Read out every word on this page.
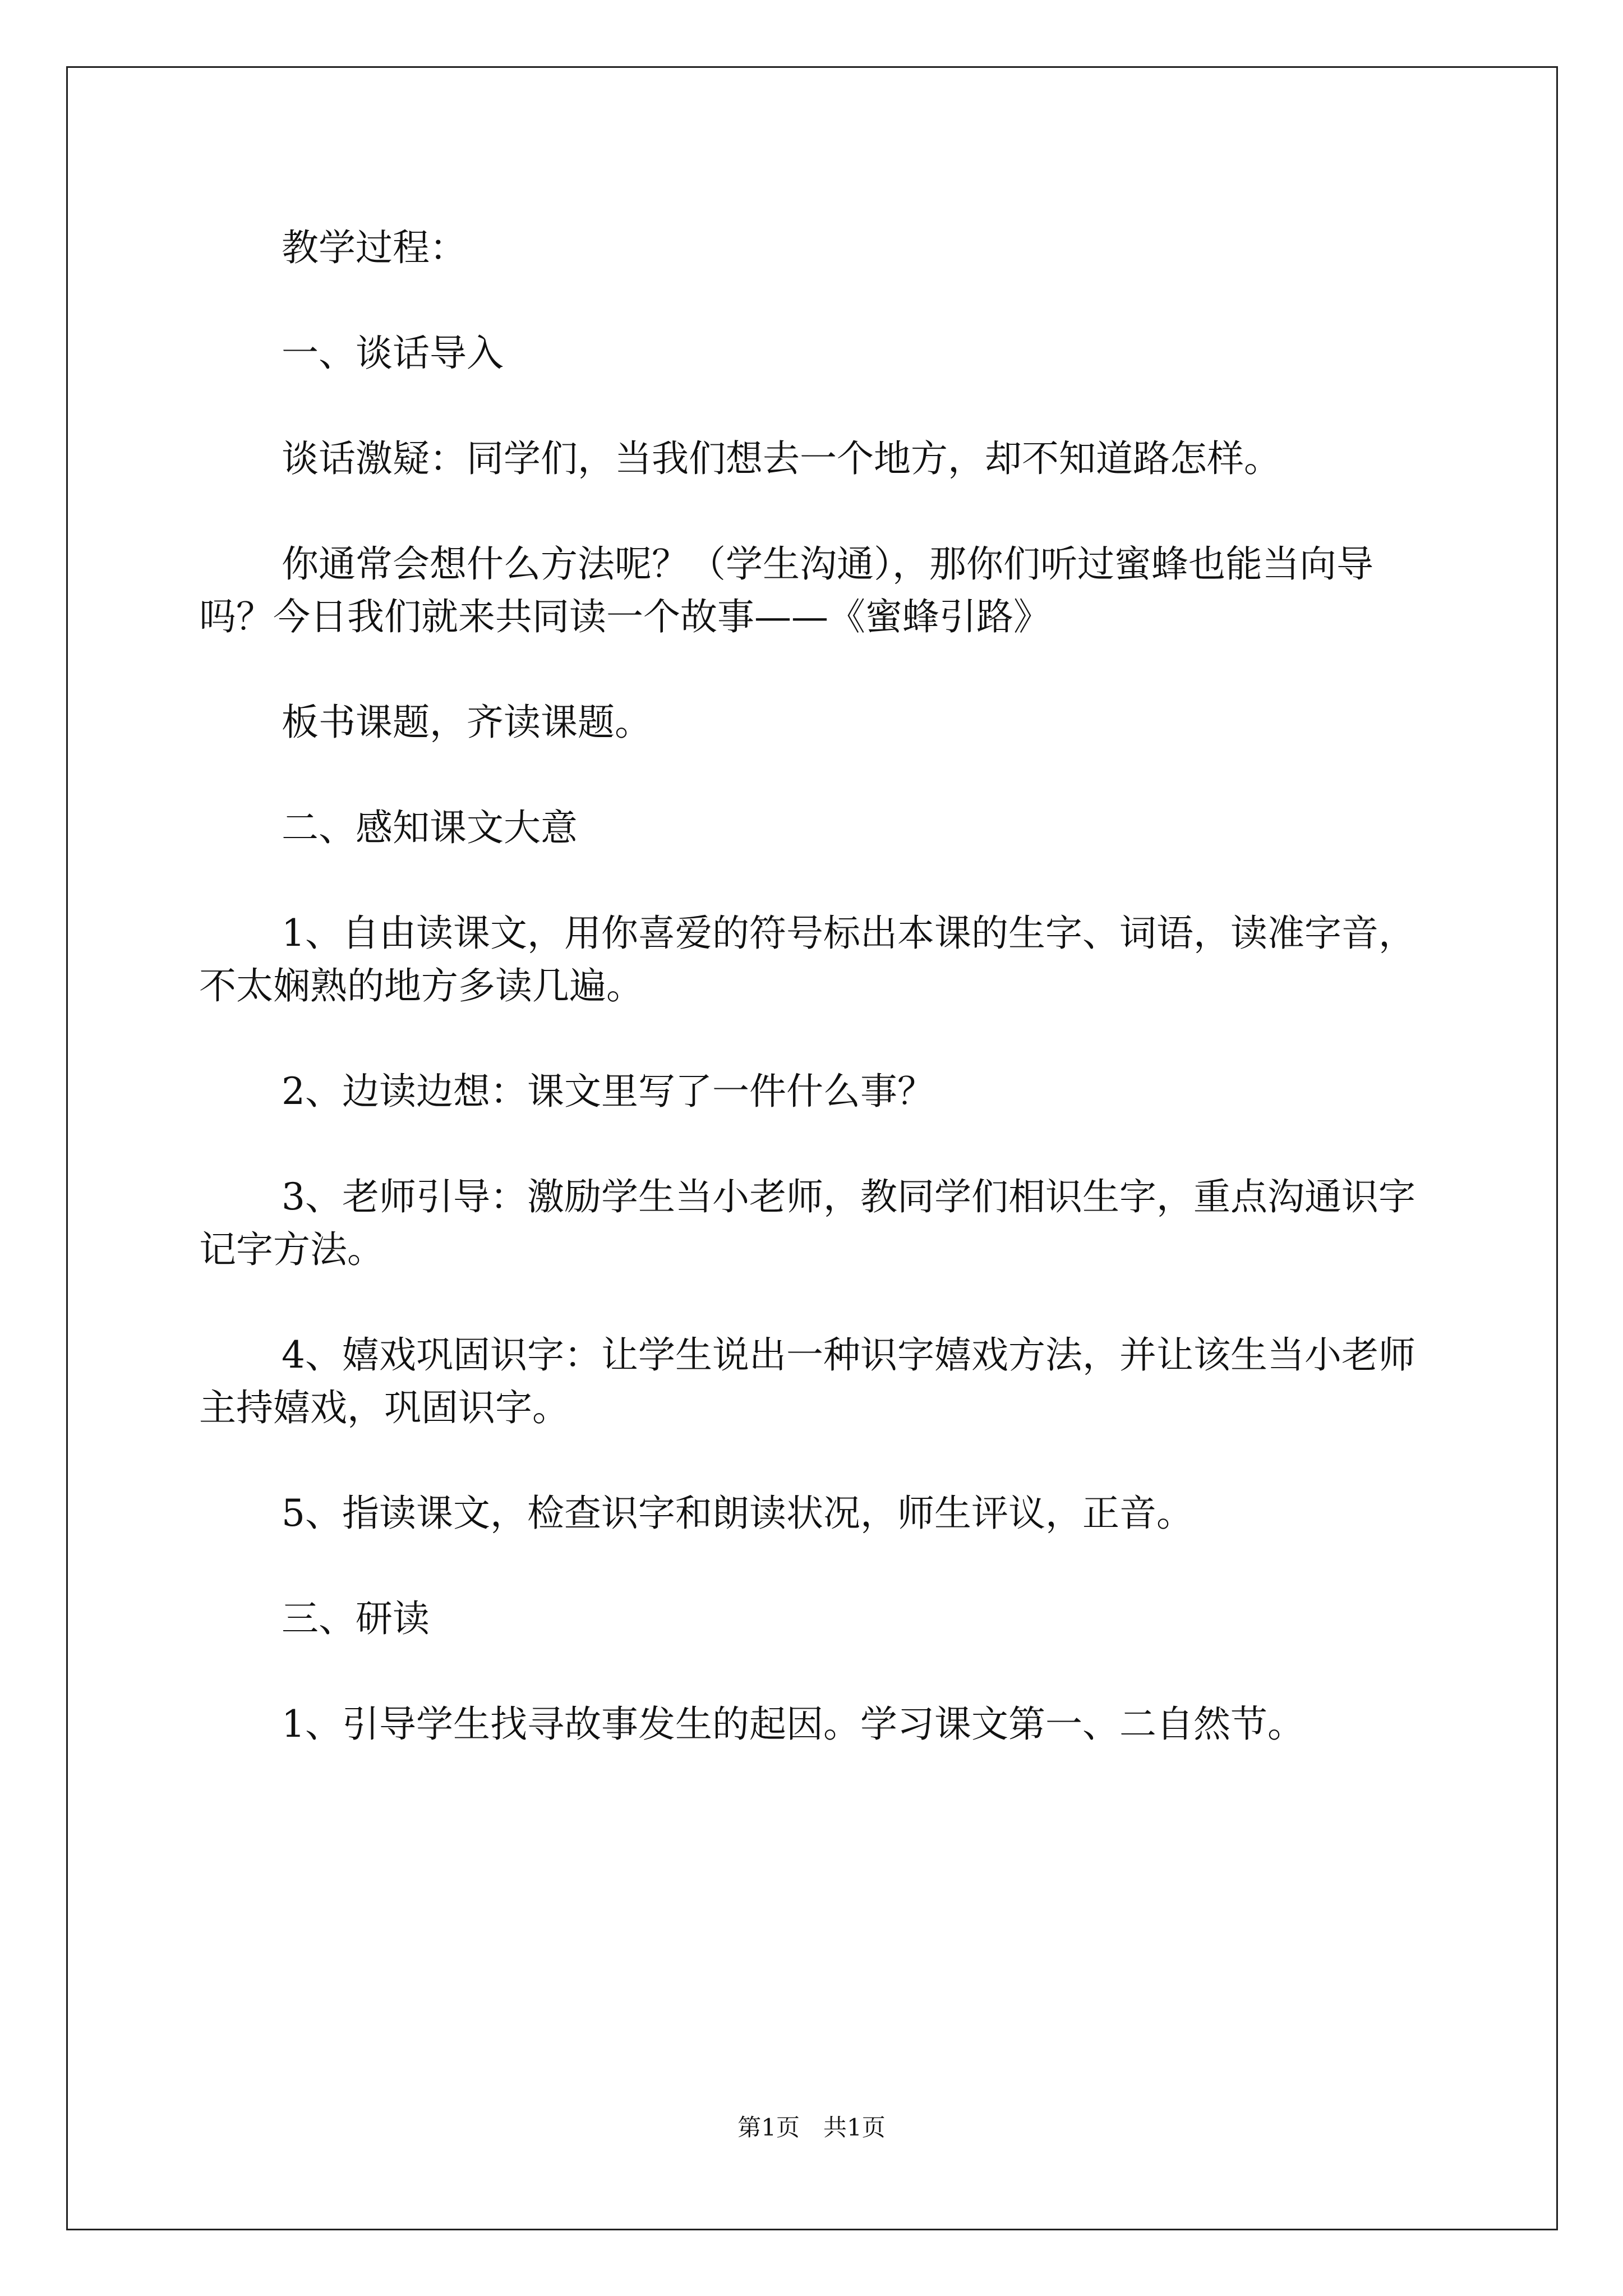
教学过程：

一、谈话导入

谈话激疑：同学们，当我们想去一个地方，却不知道路怎样。

你通常会想什么方法呢？（学生沟通），那你们听过蜜蜂也能当向导吗？今日我们就来共同读一个故事——《蜜蜂引路》

板书课题，齐读课题。

二、感知课文大意

1、自由读课文，用你喜爱的符号标出本课的生字、词语，读准字音，不太娴熟的地方多读几遍。

2、边读边想：课文里写了一件什么事？

3、老师引导：激励学生当小老师，教同学们相识生字，重点沟通识字记字方法。

4、嬉戏巩固识字：让学生说出一种识字嬉戏方法，并让该生当小老师主持嬉戏，巩固识字。

5、指读课文，检查识字和朗读状况，师生评议，正音。

三、研读

1、引导学生找寻故事发生的起因。学习课文第一、二自然节。

第1页　共1页
